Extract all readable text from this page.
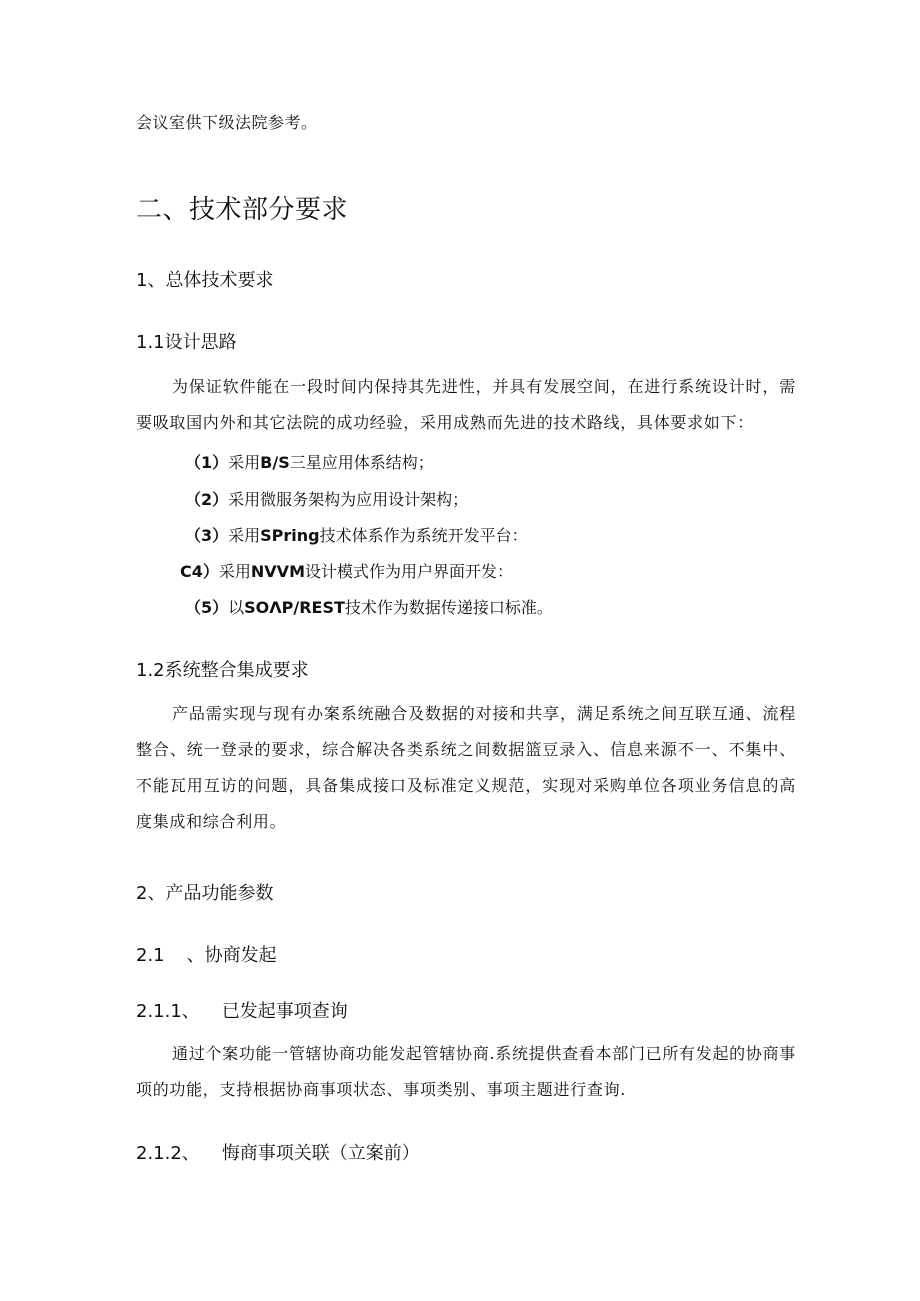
会议室供下级法院参考。
二、技术部分要求
1、总体技术要求
1.1设计思路

为保证软件能在一段时间内保持其先进性，并具有发展空间，在进行系统设计时，需要吸取国内外和其它法院的成功经验，采用成熟而先进的技术路线，具体要求如下：

（1）采用B/S三星应用体系结构；
（2）采用微服务架构为应用设计架构；
（3）采用SPring技术体系作为系统开发平台：
C4）采用NVVM设计模式作为用户界面开发：
（5）以SOΛP/REST技术作为数据传递接口标准。
1.2系统整合集成要求

产品需实现与现有办案系统融合及数据的对接和共享，满足系统之间互联互通、流程整合、统一登录的要求，综合解决各类系统之间数据篮豆录入、信息来源不一、不集中、不能瓦用互访的问题，具备集成接口及标准定义规范，实现对采购单位各项业务信息的高度集成和综合利用。

2、产品功能参数
2.1 、协商发起
2.1.1、 已发起事项查询

通过个案功能一管辖协商功能发起管辖协商.系统提供查看本部门已所有发起的协商事项的功能，支持根据协商事项状态、事项类别、事项主题进行查询.

2.1.2、 悔商事项关联（立案前）
